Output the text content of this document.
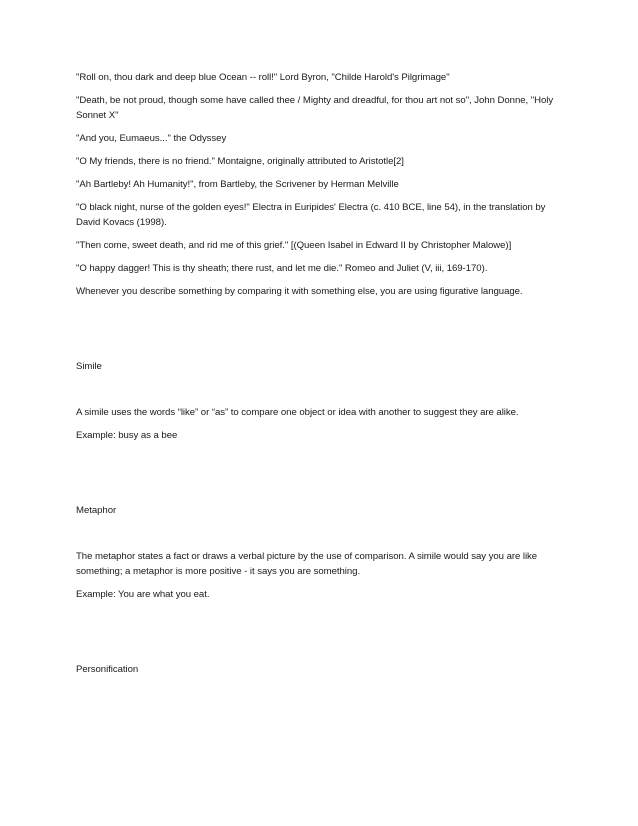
"Roll on, thou dark and deep blue Ocean -- roll!" Lord Byron, "Childe Harold's Pilgrimage"

"Death, be not proud, though some have called thee / Mighty and dreadful, for thou art not so", John Donne, "Holy Sonnet X"

"And you, Eumaeus..." the Odyssey

"O My friends, there is no friend." Montaigne, originally attributed to Aristotle[2]

"Ah Bartleby! Ah Humanity!", from Bartleby, the Scrivener by Herman Melville

"O black night, nurse of the golden eyes!" Electra in Euripides' Electra (c. 410 BCE, line 54), in the translation by David Kovacs (1998).

"Then come, sweet death, and rid me of this grief." [(Queen Isabel in Edward II by Christopher Malowe)]

"O happy dagger! This is thy sheath; there rust, and let me die." Romeo and Juliet (V, iii, 169-170).

Whenever you describe something by comparing it with something else, you are using figurative language.

Simile

A simile uses the words “like” or “as” to compare one object or idea with another to suggest they are alike.

Example: busy as a bee

Metaphor

The metaphor states a fact or draws a verbal picture by the use of comparison. A simile would say you are like something; a metaphor is more positive - it says you are something.

Example: You are what you eat.

Personification
